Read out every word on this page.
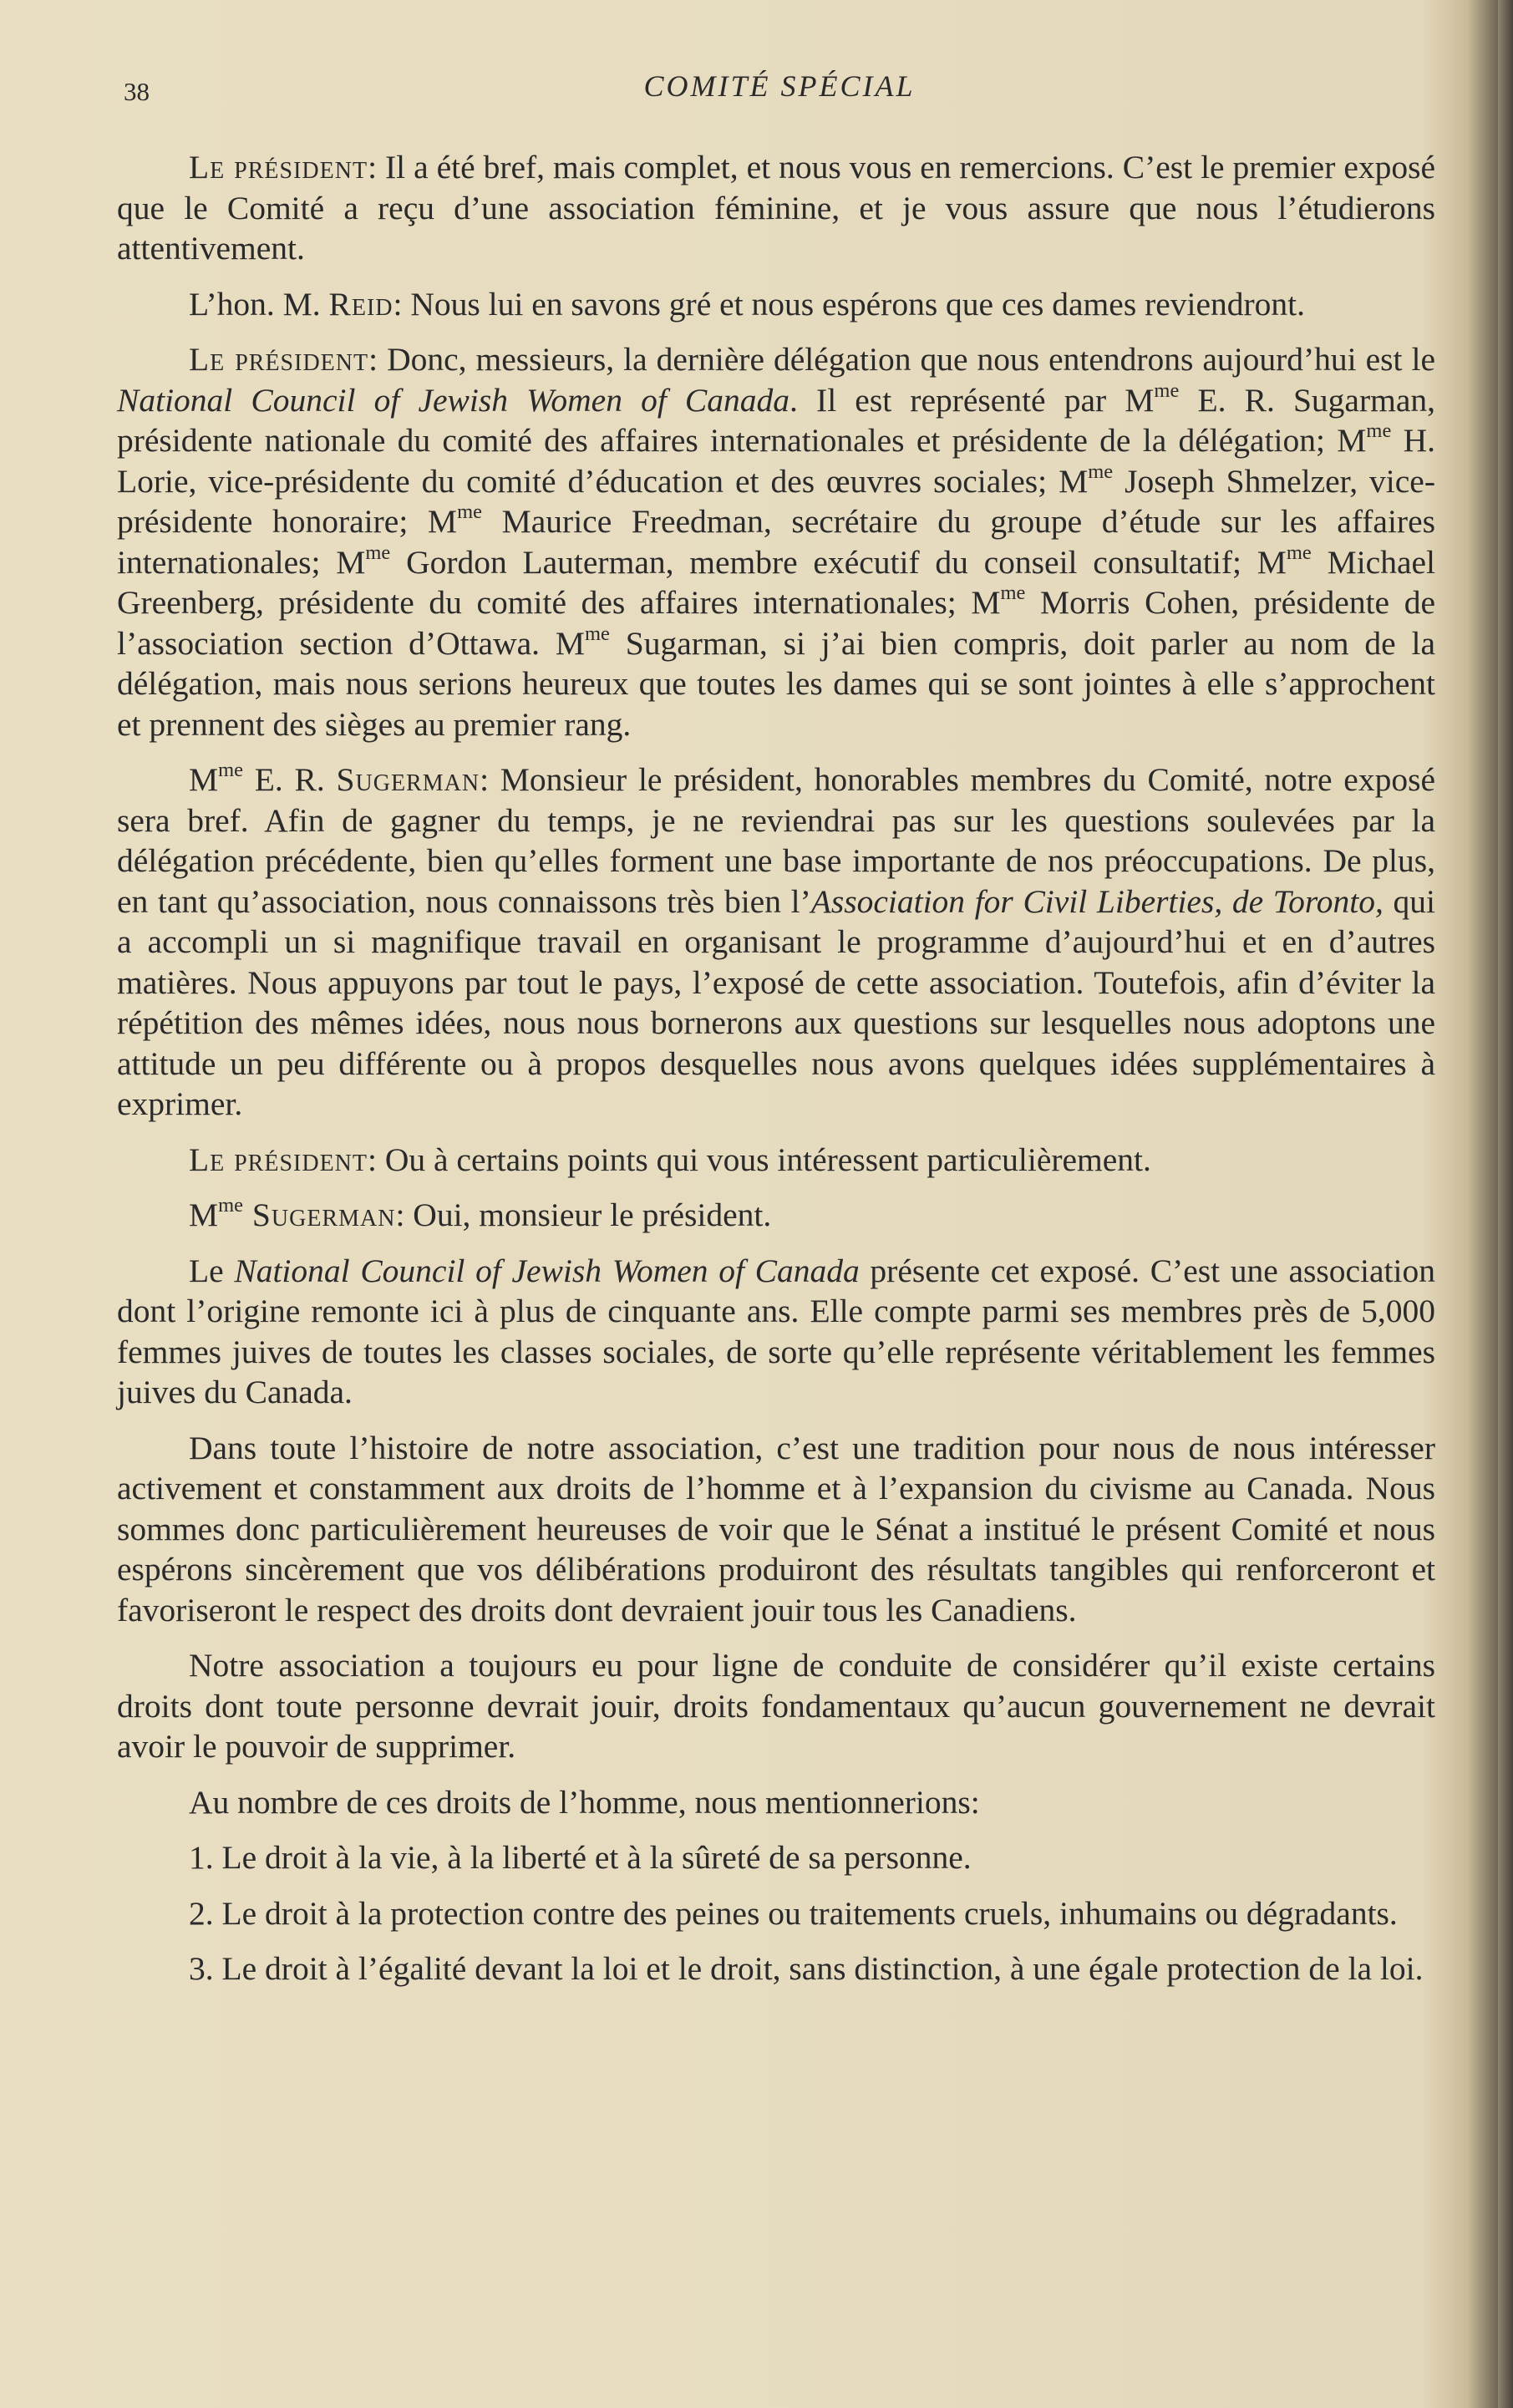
38	COMITÉ SPÉCIAL

Le président: Il a été bref, mais complet, et nous vous en remercions. C’est le premier exposé que le Comité a reçu d’une association féminine, et je vous assure que nous l’étudierons attentivement.

L’hon. M. Reid: Nous lui en savons gré et nous espérons que ces dames reviendront.

Le président: Donc, messieurs, la dernière délégation que nous entendrons aujourd’hui est le National Council of Jewish Women of Canada. Il est représenté par $M^{me}$ E. R. Sugarman, présidente nationale du comité des affaires internationales et présidente de la délégation; $M^{me}$ H. Lorie, vice-présidente du comité d’éducation et des œuvres sociales; $M^{me}$ Joseph Shmelzer, vice-présidente honoraire; $M^{me}$ Maurice Freedman, secrétaire du groupe d’étude sur les affaires internationales; $M^{me}$ Gordon Lauterman, membre exécutif du conseil consultatif; $M^{me}$ Michael Greenberg, présidente du comité des affaires internationales; $M^{me}$ Morris Cohen, présidente de l’association section d’Ottawa. $M^{me}$ Sugarman, si j’ai bien compris, doit parler au nom de la délégation, mais nous serions heureux que toutes les dames qui se sont jointes à elle s’approchent et prennent des sièges au premier rang.

$M^{me}$ E. R. Sugerman: Monsieur le président, honorables membres du Comité, notre exposé sera bref. Afin de gagner du temps, je ne reviendrai pas sur les questions soulevées par la délégation précédente, bien qu’elles forment une base importante de nos préoccupations. De plus, en tant qu’association, nous connaissons très bien l’Association for Civil Liberties, de Toronto, qui a accompli un si magnifique travail en organisant le programme d’aujourd’hui et en d’autres matières. Nous appuyons par tout le pays, l’exposé de cette association. Toutefois, afin d’éviter la répétition des mêmes idées, nous nous bornerons aux questions sur lesquelles nous adoptons une attitude un peu différente ou à propos desquelles nous avons quelques idées supplémentaires à exprimer.

Le président: Ou à certains points qui vous intéressent particulièrement.

$M^{me}$ Sugerman: Oui, monsieur le président.

Le National Council of Jewish Women of Canada présente cet exposé. C’est une association dont l’origine remonte ici à plus de cinquante ans. Elle compte parmi ses membres près de 5,000 femmes juives de toutes les classes sociales, de sorte qu’elle représente véritablement les femmes juives du Canada.

Dans toute l’histoire de notre association, c’est une tradition pour nous de nous intéresser activement et constamment aux droits de l’homme et à l’expansion du civisme au Canada. Nous sommes donc particulièrement heureuses de voir que le Sénat a institué le présent Comité et nous espérons sincèrement que vos délibérations produiront des résultats tangibles qui renforceront et favoriseront le respect des droits dont devraient jouir tous les Canadiens.

Notre association a toujours eu pour ligne de conduite de considérer qu’il existe certains droits dont toute personne devrait jouir, droits fondamentaux qu’aucun gouvernement ne devrait avoir le pouvoir de supprimer.

Au nombre de ces droits de l’homme, nous mentionnerions:

1. Le droit à la vie, à la liberté et à la sûreté de sa personne.

2. Le droit à la protection contre des peines ou traitements cruels, inhumains ou dégradants.

3. Le droit à l’égalité devant la loi et le droit, sans distinction, à une égale protection de la loi.
